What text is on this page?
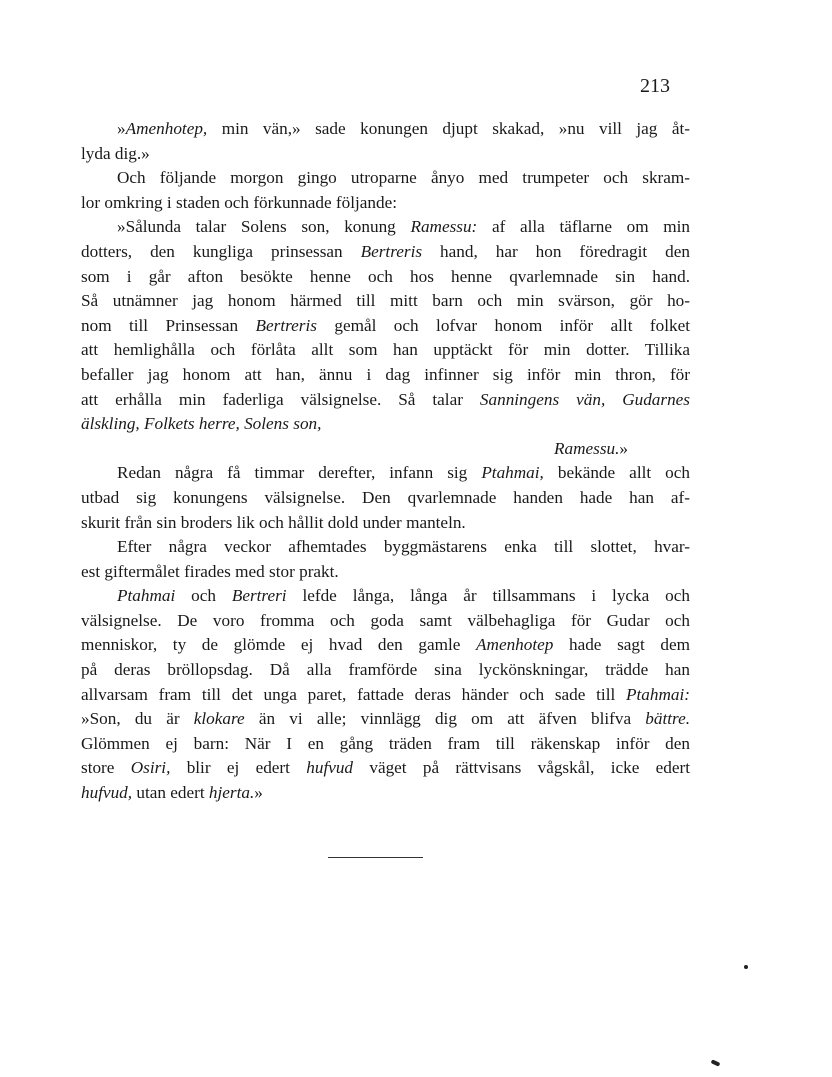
213
»Amenhotep, min vän,» sade konungen djupt skakad, »nu vill jag åt-
lyda dig.»
Och följande morgon gingo utroparne ånyo med trumpeter och skram-
lor omkring i staden och förkunnade följande:
»Sålunda talar Solens son, konung Ramessu: af alla täflarne om min
dotters, den kungliga prinsessan Bertreris hand, har hon föredragit den
som i går afton besökte henne och hos henne qvarlemnade sin hand.
Så utnämner jag honom härmed till mitt barn och min svärson, gör ho-
nom till Prinsessan Bertreris gemål och lofvar honom inför allt folket
att hemlighålla och förlåta allt som han upptäckt för min dotter. Tillika
befaller jag honom att han, ännu i dag infinner sig inför min thron, för
att erhålla min faderliga välsignelse. Så talar Sanningens vän, Gudarnes
älskling, Folkets herre, Solens son,
Ramessu.»
Redan några få timmar derefter, infann sig Ptahmai, bekände allt och
utbad sig konungens välsignelse. Den qvarlemnade handen hade han af-
skurit från sin broders lik och hållit dold under manteln.
Efter några veckor afhemtades byggmästarens enka till slottet, hvar-
est giftermålet firades med stor prakt.
Ptahmai och Bertreri lefde långa, långa år tillsammans i lycka och
välsignelse. De voro fromma och goda samt välbehagliga för Gudar och
menniskor, ty de glömde ej hvad den gamle Amenhotep hade sagt dem
på deras bröllopsdag. Då alla framförde sina lyckönskningar, trädde han
allvarsam fram till det unga paret, fattade deras händer och sade till Ptahmai:
»Son, du är klokare än vi alle; vinnlägg dig om att äfven blifva bättre.
Glömmen ej barn: När I en gång träden fram till räkenskap inför den
store Osiri, blir ej edert hufvud väget på rättvisans vågskål, icke edert
hufvud, utan edert hjerta.»
